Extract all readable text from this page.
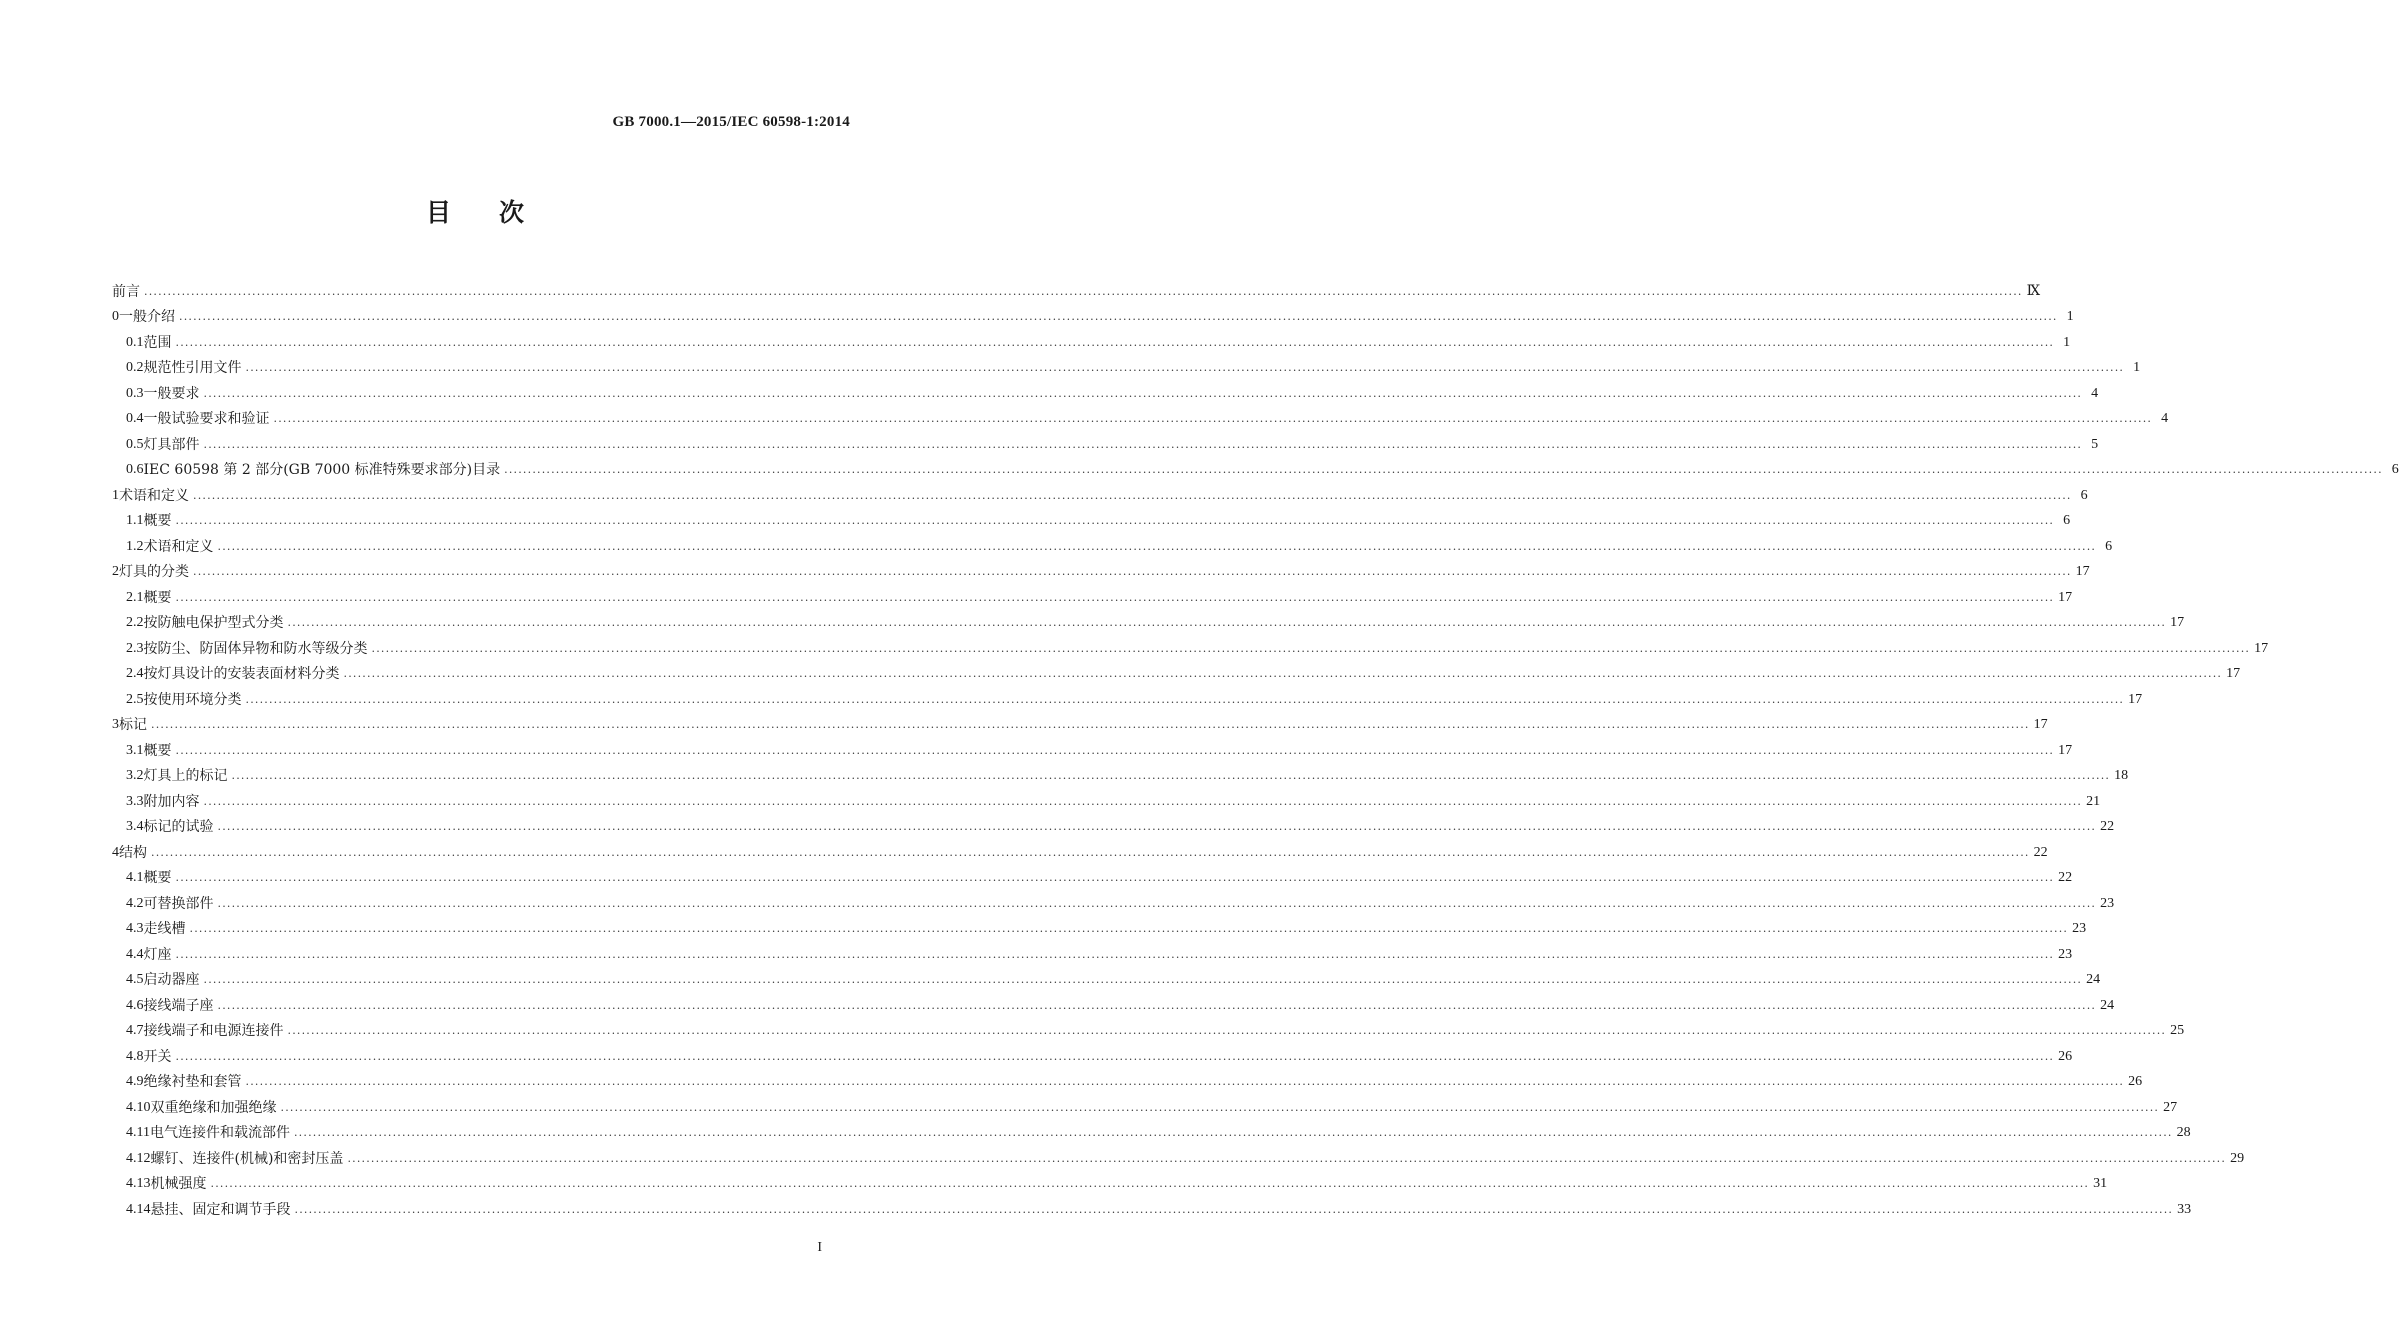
GB 7000.1—2015/IEC 60598-1:2014
目 次
前言 ................................................................................................................................................................................................................................................................................................................................................................................................................ Ⅸ
0 一般介绍 ................................................................................................................................................................................................................................................................................................................................................................................................................ 1
0.1 范围 ................................................................................................................................................................................................................................................................................................................................................................................................................ 1
0.2 规范性引用文件 ................................................................................................................................................................................................................................................................................................................................................................................................................ 1
0.3 一般要求 ................................................................................................................................................................................................................................................................................................................................................................................................................ 4
0.4 一般试验要求和验证 ................................................................................................................................................................................................................................................................................................................................................................................................................ 4
0.5 灯具部件 ................................................................................................................................................................................................................................................................................................................................................................................................................ 5
0.6 IEC 60598 第 2 部分(GB 7000 标准特殊要求部分)目录 ................................................................................................................................................................................................................................................................................................................................................................................................................ 6
1 术语和定义 ................................................................................................................................................................................................................................................................................................................................................................................................................ 6
1.1 概要 ................................................................................................................................................................................................................................................................................................................................................................................................................ 6
1.2 术语和定义 ................................................................................................................................................................................................................................................................................................................................................................................................................ 6
2 灯具的分类 ................................................................................................................................................................................................................................................................................................................................................................................................................ 17
2.1 概要 ................................................................................................................................................................................................................................................................................................................................................................................................................ 17
2.2 按防触电保护型式分类 ................................................................................................................................................................................................................................................................................................................................................................................................................ 17
2.3 按防尘、防固体异物和防水等级分类 ................................................................................................................................................................................................................................................................................................................................................................................................................ 17
2.4 按灯具设计的安装表面材料分类 ................................................................................................................................................................................................................................................................................................................................................................................................................ 17
2.5 按使用环境分类 ................................................................................................................................................................................................................................................................................................................................................................................................................ 17
3 标记 ................................................................................................................................................................................................................................................................................................................................................................................................................ 17
3.1 概要 ................................................................................................................................................................................................................................................................................................................................................................................................................ 17
3.2 灯具上的标记 ................................................................................................................................................................................................................................................................................................................................................................................................................ 18
3.3 附加内容 ................................................................................................................................................................................................................................................................................................................................................................................................................ 21
3.4 标记的试验 ................................................................................................................................................................................................................................................................................................................................................................................................................ 22
4 结构 ................................................................................................................................................................................................................................................................................................................................................................................................................ 22
4.1 概要 ................................................................................................................................................................................................................................................................................................................................................................................................................ 22
4.2 可替换部件 ................................................................................................................................................................................................................................................................................................................................................................................................................ 23
4.3 走线槽 ................................................................................................................................................................................................................................................................................................................................................................................................................ 23
4.4 灯座 ................................................................................................................................................................................................................................................................................................................................................................................................................ 23
4.5 启动器座 ................................................................................................................................................................................................................................................................................................................................................................................................................ 24
4.6 接线端子座 ................................................................................................................................................................................................................................................................................................................................................................................................................ 24
4.7 接线端子和电源连接件 ................................................................................................................................................................................................................................................................................................................................................................................................................ 25
4.8 开关 ................................................................................................................................................................................................................................................................................................................................................................................................................ 26
4.9 绝缘衬垫和套管 ................................................................................................................................................................................................................................................................................................................................................................................................................ 26
4.10 双重绝缘和加强绝缘 ................................................................................................................................................................................................................................................................................................................................................................................................................ 27
4.11 电气连接件和载流部件 ................................................................................................................................................................................................................................................................................................................................................................................................................ 28
4.12 螺钉、连接件(机械)和密封压盖 ................................................................................................................................................................................................................................................................................................................................................................................................................ 29
4.13 机械强度 ................................................................................................................................................................................................................................................................................................................................................................................................................ 31
4.14 悬挂、固定和调节手段 ................................................................................................................................................................................................................................................................................................................................................................................................................ 33
I
